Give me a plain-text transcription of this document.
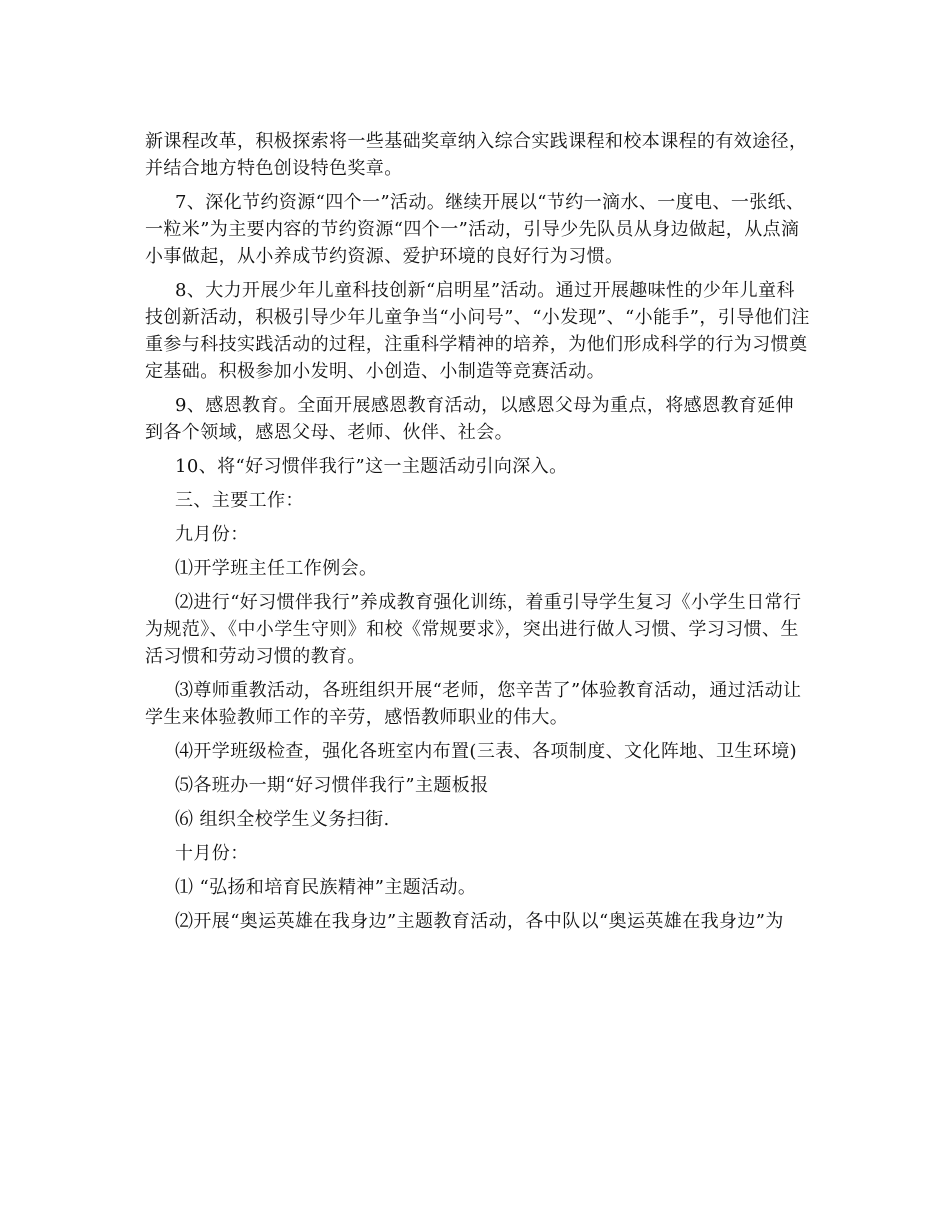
新课程改革，积极探索将一些基础奖章纳入综合实践课程和校本课程的有效途径，并结合地方特色创设特色奖章。

7、深化节约资源“四个一”活动。继续开展以“节约一滴水、一度电、一张纸、一粒米”为主要内容的节约资源“四个一”活动，引导少先队员从身边做起，从点滴小事做起，从小养成节约资源、爱护环境的良好行为习惯。

8、大力开展少年儿童科技创新“启明星”活动。通过开展趣味性的少年儿童科技创新活动，积极引导少年儿童争当“小问号”、“小发现”、“小能手”，引导他们注重参与科技实践活动的过程，注重科学精神的培养，为他们形成科学的行为习惯奠定基础。积极参加小发明、小创造、小制造等竞赛活动。

9、感恩教育。全面开展感恩教育活动，以感恩父母为重点，将感恩教育延伸到各个领域，感恩父母、老师、伙伴、社会。

10、将“好习惯伴我行”这一主题活动引向深入。

三、主要工作：

九月份：

⑴开学班主任工作例会。

⑵进行“好习惯伴我行”养成教育强化训练，着重引导学生复习《小学生日常行为规范》、《中小学生守则》和校《常规要求》，突出进行做人习惯、学习习惯、生活习惯和劳动习惯的教育。

⑶尊师重教活动，各班组织开展“老师，您辛苦了”体验教育活动，通过活动让学生来体验教师工作的辛劳，感悟教师职业的伟大。

⑷开学班级检查，强化各班室内布置(三表、各项制度、文化阵地、卫生环境)

⑸各班办一期“好习惯伴我行”主题板报

⑹ 组织全校学生义务扫街.

十月份：

⑴ “弘扬和培育民族精神”主题活动。

⑵开展“奥运英雄在我身边”主题教育活动，各中队以“奥运英雄在我身边”为
